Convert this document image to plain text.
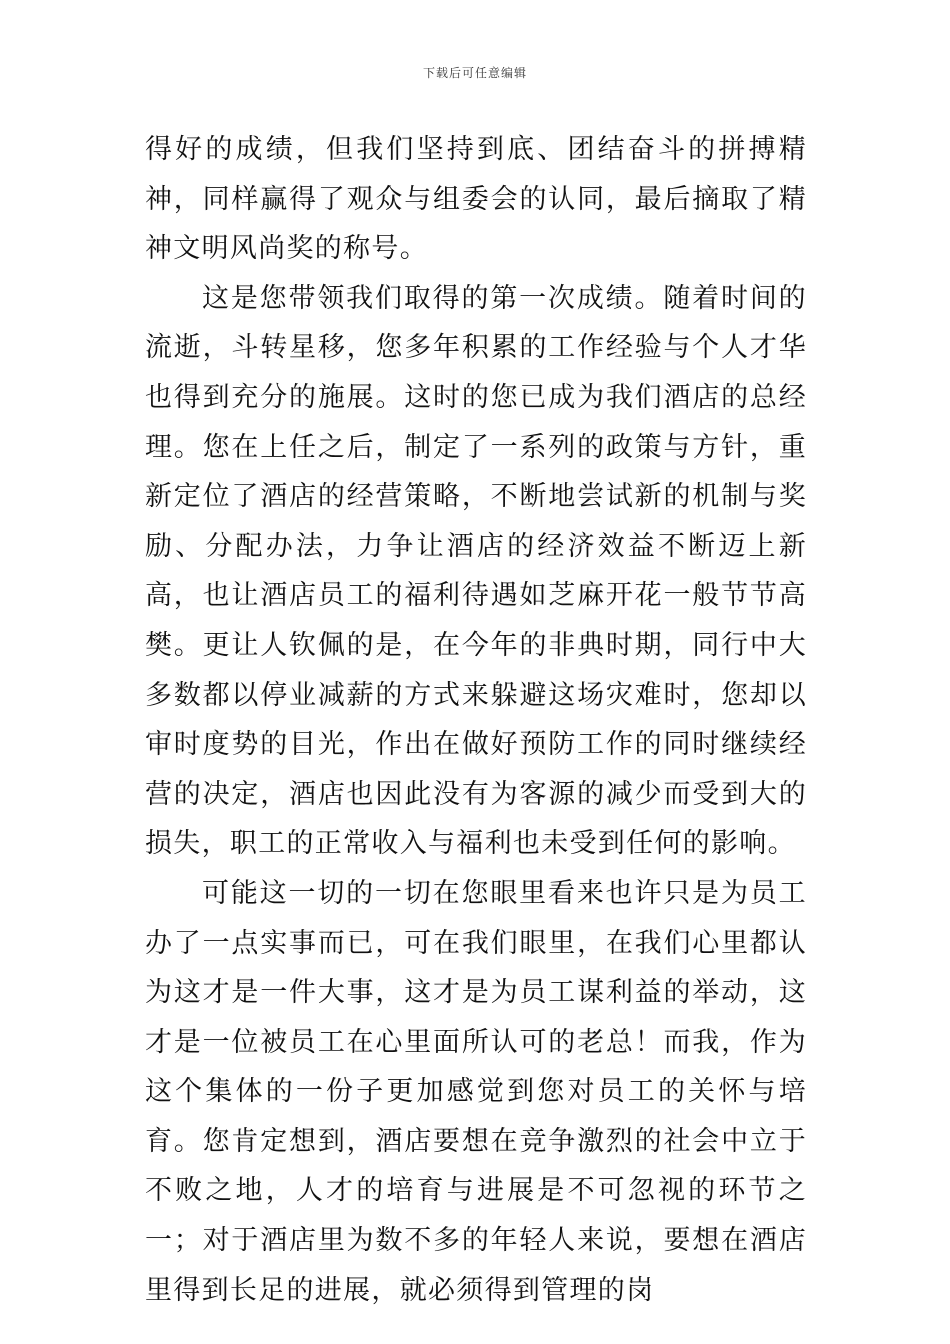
下载后可任意编辑

得好的成绩，但我们坚持到底、团结奋斗的拼搏精神，同样赢得了观众与组委会的认同，最后摘取了精神文明风尚奖的称号。

这是您带领我们取得的第一次成绩。随着时间的流逝，斗转星移，您多年积累的工作经验与个人才华也得到充分的施展。这时的您已成为我们酒店的总经理。您在上任之后，制定了一系列的政策与方针，重新定位了酒店的经营策略，不断地尝试新的机制与奖励、分配办法，力争让酒店的经济效益不断迈上新高，也让酒店员工的福利待遇如芝麻开花一般节节高樊。更让人钦佩的是，在今年的非典时期，同行中大多数都以停业减薪的方式来躲避这场灾难时，您却以审时度势的目光，作出在做好预防工作的同时继续经营的决定，酒店也因此没有为客源的减少而受到大的损失，职工的正常收入与福利也未受到任何的影响。

可能这一切的一切在您眼里看来也许只是为员工办了一点实事而已，可在我们眼里，在我们心里都认为这才是一件大事，这才是为员工谋利益的举动，这才是一位被员工在心里面所认可的老总！而我，作为这个集体的一份子更加感觉到您对员工的关怀与培育。您肯定想到，酒店要想在竞争激烈的社会中立于不败之地，人才的培育与进展是不可忽视的环节之一；对于酒店里为数不多的年轻人来说，要想在酒店里得到长足的进展，就必须得到管理的岗
